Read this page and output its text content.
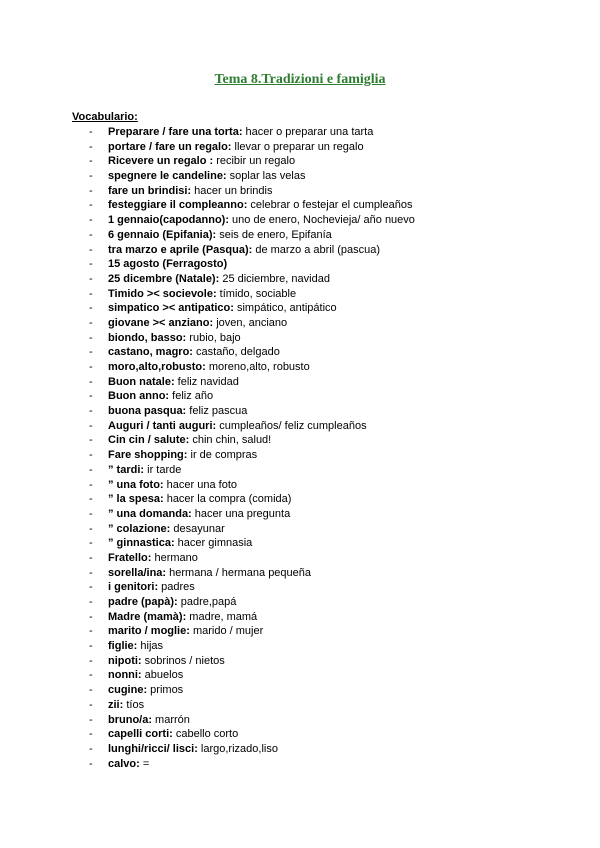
Tema 8.Tradizioni e famiglia
Vocabulario:
- Preparare / fare una torta: hacer o preparar una tarta
- portare / fare un regalo: llevar o preparar un regalo
- Ricevere un regalo : recibir un regalo
- spegnere le candeline: soplar las velas
- fare un brindisi: hacer un brindis
- festeggiare il compleanno: celebrar o festejar el cumpleaños
- 1 gennaio(capodanno): uno de enero, Nochevieja/ año nuevo
- 6 gennaio (Epifania): seis de enero, Epifanía
- tra marzo e aprile (Pasqua): de marzo a abril (pascua)
- 15 agosto (Ferragosto)
- 25 dicembre (Natale): 25 diciembre, navidad
- Timido >< socievole: tímido, sociable
- simpatico >< antipatico: simpático, antipático
- giovane >< anziano: joven, anciano
- biondo, basso: rubio, bajo
- castano, magro: castaño, delgado
- moro,alto,robusto: moreno,alto, robusto
- Buon natale: feliz navidad
- Buon anno: feliz año
- buona pasqua: feliz pascua
- Auguri / tanti auguri: cumpleaños/ feliz cumpleaños
- Cin cin / salute: chin chin, salud!
- Fare shopping: ir de compras
- ” tardi: ir tarde
- ” una foto: hacer una foto
- ” la spesa: hacer la compra (comida)
- ” una domanda: hacer una pregunta
- ” colazione: desayunar
- ” ginnastica: hacer gimnasia
- Fratello: hermano
- sorella/ina: hermana / hermana pequeña
- i genitori: padres
- padre (papà): padre,papá
- Madre (mamà): madre, mamá
- marito / moglie: marido / mujer
- figlie: hijas
- nipoti: sobrinos / nietos
- nonni: abuelos
- cugine: primos
- zii: tíos
- bruno/a: marrón
- capelli corti: cabello corto
- lunghi/ricci/ lisci: largo,rizado,liso
- calvo: =
